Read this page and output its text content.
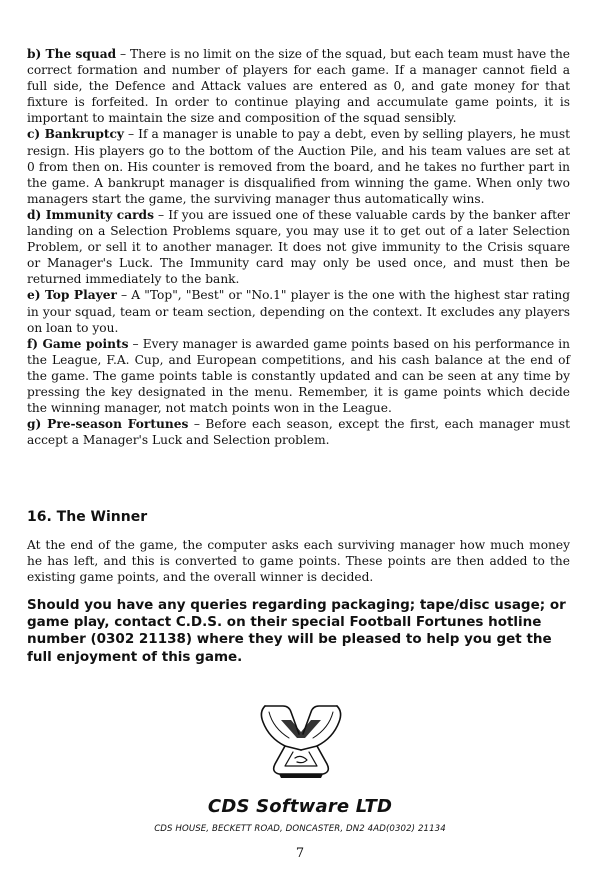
b) The squad – There is no limit on the size of the squad, but each team must have the correct formation and number of players for each game. If a manager cannot field a full side, the Defence and Attack values are entered as 0, and gate money for that fixture is forfeited. In order to continue playing and accumulate game points, it is important to maintain the size and composition of the squad sensibly.

c) Bankruptcy – If a manager is unable to pay a debt, even by selling players, he must resign. His players go to the bottom of the Auction Pile, and his team values are set at 0 from then on. His counter is removed from the board, and he takes no further part in the game. A bankrupt manager is disqualified from winning the game. When only two managers start the game, the surviving manager thus automatically wins.

d) Immunity cards – If you are issued one of these valuable cards by the banker after landing on a Selection Problems square, you may use it to get out of a later Selection Problem, or sell it to another manager. It does not give immunity to the Crisis square or Manager's Luck. The Immunity card may only be used once, and must then be returned immediately to the bank.

e) Top Player – A "Top", "Best" or "No.1" player is the one with the highest star rating in your squad, team or team section, depending on the context. It excludes any players on loan to you.

f) Game points – Every manager is awarded game points based on his performance in the League, F.A. Cup, and European competitions, and his cash balance at the end of the game. The game points table is constantly updated and can be seen at any time by pressing the key designated in the menu. Remember, it is game points which decide the winning manager, not match points won in the League.

g) Pre-season Fortunes – Before each season, except the first, each manager must accept a Manager's Luck and Selection problem.

16. The Winner

At the end of the game, the computer asks each surviving manager how much money he has left, and this is converted to game points. These points are then added to the existing game points, and the overall winner is decided.

Should you have any queries regarding packaging; tape/disc usage; or game play, contact C.D.S. on their special Football Fortunes hotline number (0302 21138) where they will be pleased to help you get the full enjoyment of this game.

CDS Software LTD

CDS HOUSE, BECKETT ROAD, DONCASTER, DN2 4AD(0302) 21134

7
